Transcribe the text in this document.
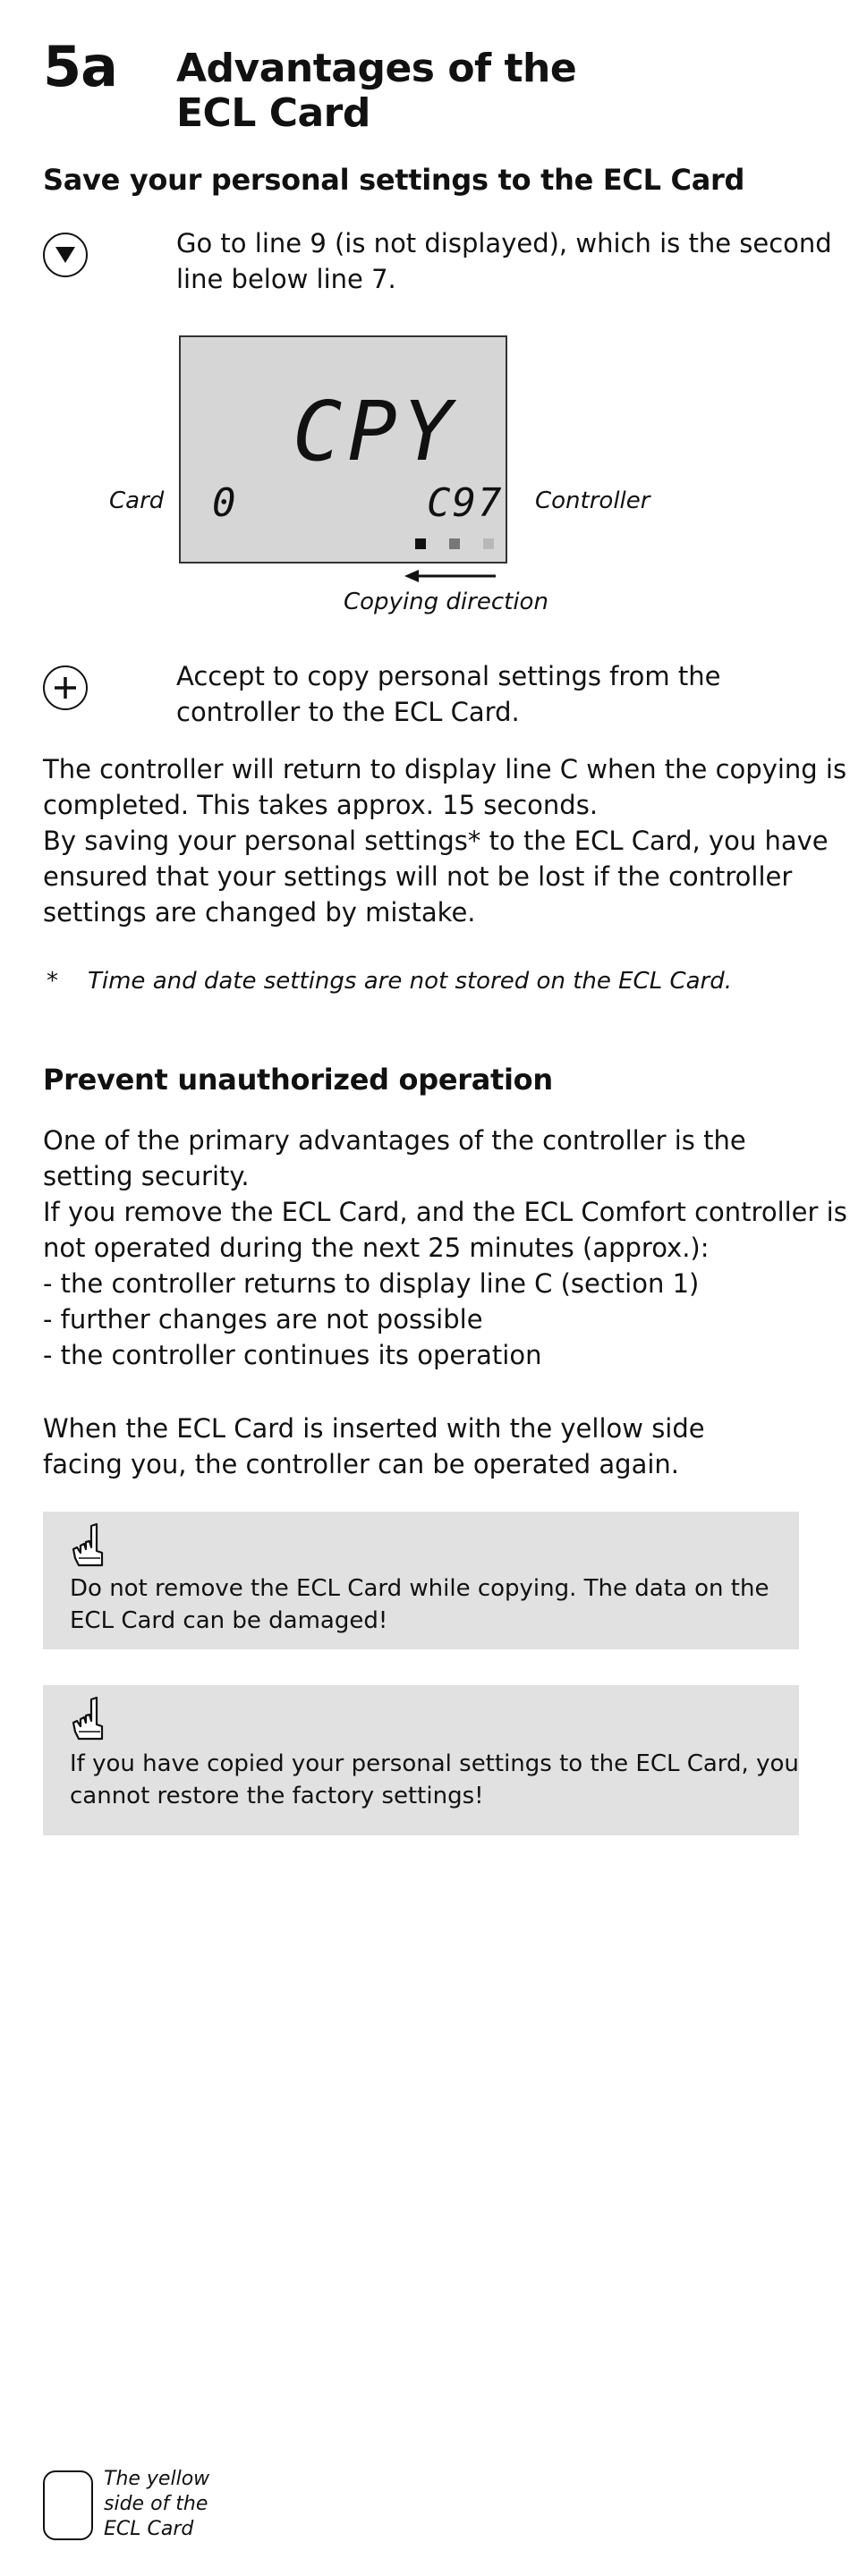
5a Advantages of the
ECL Card
Save your personal settings to the ECL Card
Go to line 9 (is not displayed), which is the second
line below line 7.
Card
CPY
0	C97 Controller
Copying direction
Accept to copy personal settings from the
controller to the ECL Card.
The controller will return to display line C when the copying is
completed. This takes approx. 15 seconds.
By saving your personal settings* to the ECL Card, you have
ensured that your settings will not be lost if the controller
settings are changed by mistake.
* Time and date settings are not stored on the ECL Card.
Prevent unauthorized operation
One of the primary advantages of the controller is the
setting security.
If you remove the ECL Card, and the ECL Comfort controller is
not operated during the next 25 minutes (approx.):
- the controller returns to display line C (section 1)
- further changes are not possible
- the controller continues its operation
When the ECL Card is inserted with the yellow side
facing you, the controller can be operated again.
Do not remove the ECL Card while copying. The data on the
ECL Card can be damaged!
If you have copied your personal settings to the ECL Card, you
cannot restore the factory settings!
The yellow
side of the
ECL Card
